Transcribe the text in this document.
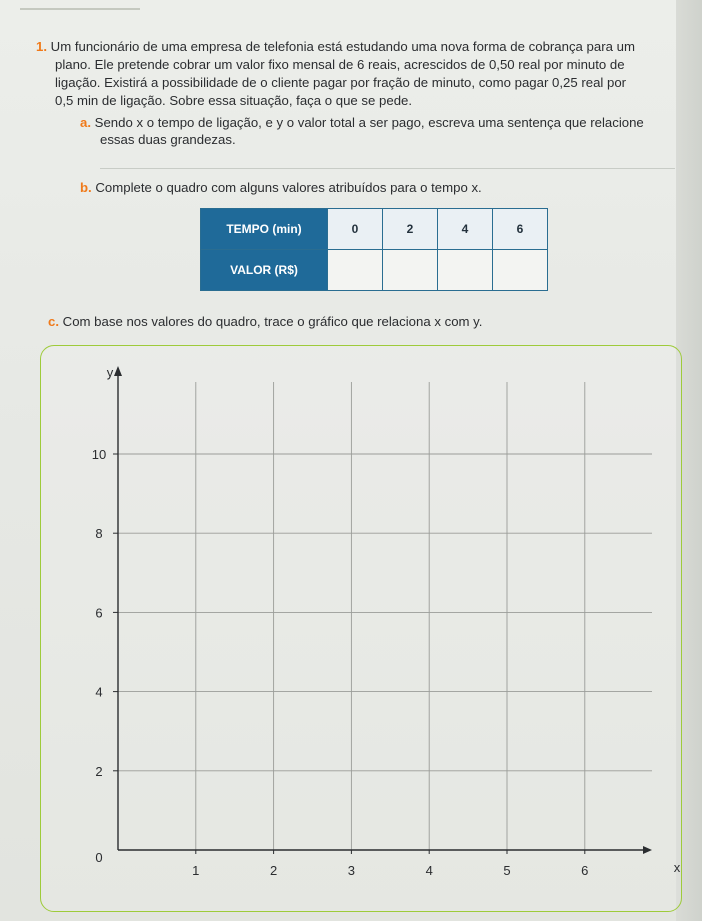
1. Um funcionário de uma empresa de telefonia está estudando uma nova forma de cobrança para um
plano. Ele pretende cobrar um valor fixo mensal de 6 reais, acrescidos de 0,50 real por minuto de
ligação. Existirá a possibilidade de o cliente pagar por fração de minuto, como pagar 0,25 real por
0,5 min de ligação. Sobre essa situação, faça o que se pede.
a. Sendo x o tempo de ligação, e y o valor total a ser pago, escreva uma sentença que relacione
essas duas grandezas.
b. Complete o quadro com alguns valores atribuídos para o tempo x.
TEMPO (min)	0	2	4	6
VALOR (R$)				
c. Com base nos valores do quadro, trace o gráfico que relaciona x com y.
1	2	3	4	5	6
2
4
6
8
10
0
x
y
